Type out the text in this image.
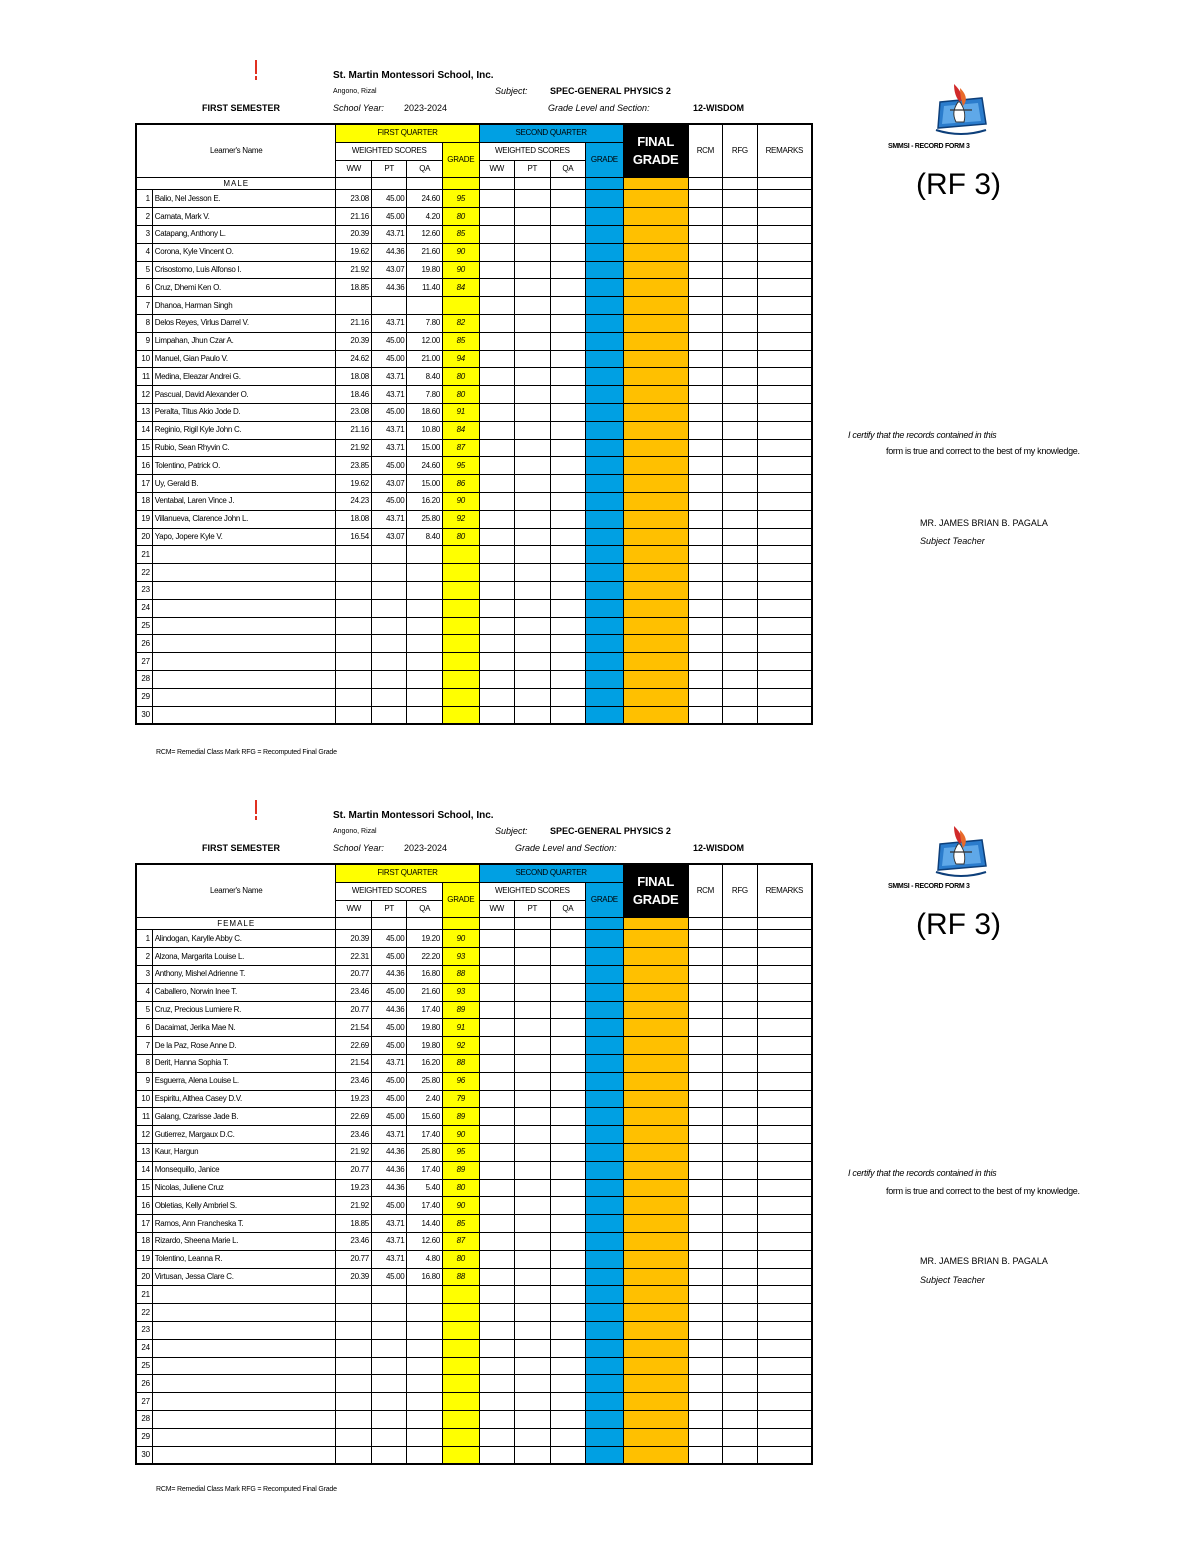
St. Martin Montessori School, Inc.
Angono, Rizal	Subject: SPEC-GENERAL PHYSICS 2
FIRST SEMESTER	School Year: 2023-2024	Grade Level and Section:	12-WISDOM
Learner's Name		FIRST QUARTER				SECOND QUARTER				FINAL
GRADE	RCM	RFG	REMARKS
		WEIGHTED SCORES			GRADE	WEIGHTED SCORES			GRADE				
		WW	PT	QA		WW	PT	QA					
MALE													
1	Balio, Nel Jesson E.	23.08	45.00	24.60	95								
2	Camata, Mark V.	21.16	45.00	4.20	80								
3	Catapang, Anthony L.	20.39	43.71	12.60	85								
4	Corona, Kyle Vincent O.	19.62	44.36	21.60	90								
5	Crisostomo, Luis Alfonso I.	21.92	43.07	19.80	90								
6	Cruz, Dhemi Ken O.	18.85	44.36	11.40	84								
7	Dhanoa, Harman Singh												
8	Delos Reyes, Virlus Darrel V.	21.16	43.71	7.80	82								
9	Limpahan, Jhun Czar A.	20.39	45.00	12.00	85								
10	Manuel, Gian Paulo V.	24.62	45.00	21.00	94								
11	Medina, Eleazar Andrei G.	18.08	43.71	8.40	80								
12	Pascual, David Alexander O.	18.46	43.71	7.80	80								
13	Peralta, Titus Akio Jode D.	23.08	45.00	18.60	91								
14	Reginio, Rigil Kyle John C.	21.16	43.71	10.80	84								
15	Rubio, Sean Rhyvin C.	21.92	43.71	15.00	87								
16	Tolentino, Patrick O.	23.85	45.00	24.60	95								
17	Uy, Gerald B.	19.62	43.07	15.00	86								
18	Ventabal, Laren Vince J.	24.23	45.00	16.20	90								
19	Villanueva, Clarence John L.	18.08	43.71	25.80	92								
20	Yapo, Jopere Kyle V.	16.54	43.07	8.40	80								
21													
22													
23													
24													
25													
26													
27													
28													
29													
30													
SMMSI - RECORD FORM 3
(RF 3)
I certify that the records contained in this
form is true and correct to the best of my knowledge.
MR. JAMES BRIAN B. PAGALA
Subject Teacher
RCM= Remedial Class Mark RFG = Recomputed Final Grade
St. Martin Montessori School, Inc.
Angono, Rizal	Subject: SPEC-GENERAL PHYSICS 2
FIRST SEMESTER	School Year: 2023-2024	Grade Level and Section:	12-WISDOM
Learner's Name		FIRST QUARTER				SECOND QUARTER				FINAL
GRADE	RCM	RFG	REMARKS
		WEIGHTED SCORES			GRADE	WEIGHTED SCORES			GRADE				
		WW	PT	QA		WW	PT	QA					
FEMALE													
1	Alindogan, Karylle Abby C.	20.39	45.00	19.20	90								
2	Alzona, Margarita Louise L.	22.31	45.00	22.20	93								
3	Anthony, Mishel Adrienne T.	20.77	44.36	16.80	88								
4	Caballero, Norwin Inee T.	23.46	45.00	21.60	93								
5	Cruz, Precious Lumiere R.	20.77	44.36	17.40	89								
6	Dacaimat, Jerika Mae N.	21.54	45.00	19.80	91								
7	De la Paz, Rose Anne D.	22.69	45.00	19.80	92								
8	Derit, Hanna Sophia T.	21.54	43.71	16.20	88								
9	Esguerra, Alena Louise L.	23.46	45.00	25.80	96								
10	Espiritu, Althea Casey D.V.	19.23	45.00	2.40	79								
11	Galang, Czarisse Jade B.	22.69	45.00	15.60	89								
12	Gutierrez, Margaux D.C.	23.46	43.71	17.40	90								
13	Kaur, Hargun	21.92	44.36	25.80	95								
14	Monsequillo, Janice	20.77	44.36	17.40	89								
15	Nicolas, Juliene Cruz	19.23	44.36	5.40	80								
16	Obletias, Kelly Ambriel S.	21.92	45.00	17.40	90								
17	Ramos, Ann Francheska T.	18.85	43.71	14.40	85								
18	Rizardo, Sheena Marie L.	23.46	43.71	12.60	87								
19	Tolentino, Leanna R.	20.77	43.71	4.80	80								
20	Virtusan, Jessa Clare C.	20.39	45.00	16.80	88								
21													
22													
23													
24													
25													
26													
27													
28													
29													
30													
SMMSI - RECORD FORM 3
(RF 3)
I certify that the records contained in this
form is true and correct to the best of my knowledge.
MR. JAMES BRIAN B. PAGALA
Subject Teacher
RCM= Remedial Class Mark RFG = Recomputed Final Grade
